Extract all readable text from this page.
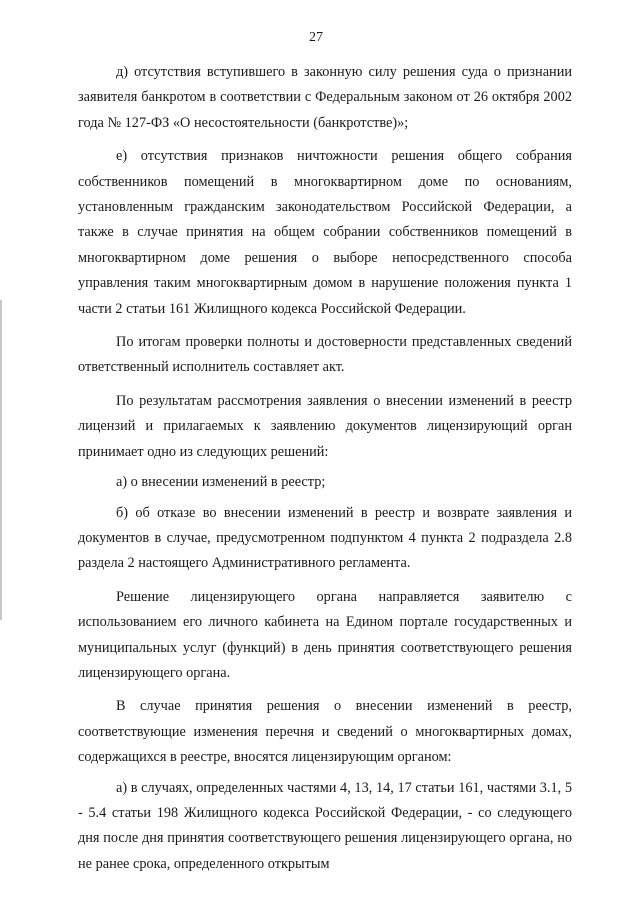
27

д) отсутствия вступившего в законную силу решения суда о признании заявителя банкротом в соответствии с Федеральным законом от 26 октября 2002 года № 127-ФЗ «О несостоятельности (банкротстве)»;

е) отсутствия признаков ничтожности решения общего собрания собственников помещений в многоквартирном доме по основаниям, установленным гражданским законодательством Российской Федерации, а также в случае принятия на общем собрании собственников помещений в многоквартирном доме решения о выборе непосредственного способа управления таким многоквартирным домом в нарушение положения пункта 1 части 2 статьи 161 Жилищного кодекса Российской Федерации.

По итогам проверки полноты и достоверности представленных сведений ответственный исполнитель составляет акт.

По результатам рассмотрения заявления о внесении изменений в реестр лицензий и прилагаемых к заявлению документов лицензирующий орган принимает одно из следующих решений:

а) о внесении изменений в реестр;

б) об отказе во внесении изменений в реестр и возврате заявления и документов в случае, предусмотренном подпунктом 4 пункта 2 подраздела 2.8 раздела 2 настоящего Административного регламента.

Решение лицензирующего органа направляется заявителю с использованием его личного кабинета на Едином портале государственных и муниципальных услуг (функций) в день принятия соответствующего решения лицензирующего органа.

В случае принятия решения о внесении изменений в реестр, соответствующие изменения перечня и сведений о многоквартирных домах, содержащихся в реестре, вносятся лицензирующим органом:

а) в случаях, определенных частями 4, 13, 14, 17 статьи 161, частями 3.1, 5 - 5.4 статьи 198 Жилищного кодекса Российской Федерации, - со следующего дня после дня принятия соответствующего решения лицензирующего органа, но не ранее срока, определенного открытым
